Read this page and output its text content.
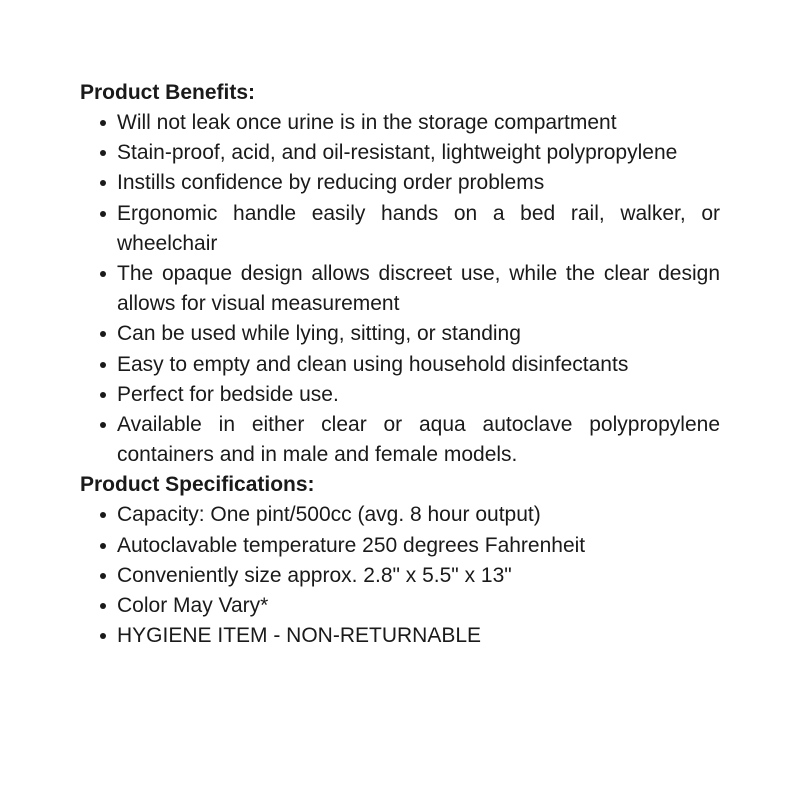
Product Benefits:
Will not leak once urine is in the storage compartment
Stain-proof, acid, and oil-resistant, lightweight polypropylene
Instills confidence by reducing order problems
Ergonomic handle easily hands on a bed rail, walker, or wheelchair
The opaque design allows discreet use, while the clear design allows for visual measurement
Can be used while lying, sitting, or standing
Easy to empty and clean using household disinfectants
Perfect for bedside use.
Available in either clear or aqua autoclave polypropylene containers and in male and female models.
Product Specifications:
Capacity: One pint/500cc (avg. 8 hour output)
Autoclavable temperature 250 degrees Fahrenheit
Conveniently size approx. 2.8" x 5.5" x 13"
Color May Vary*
HYGIENE ITEM - NON-RETURNABLE
